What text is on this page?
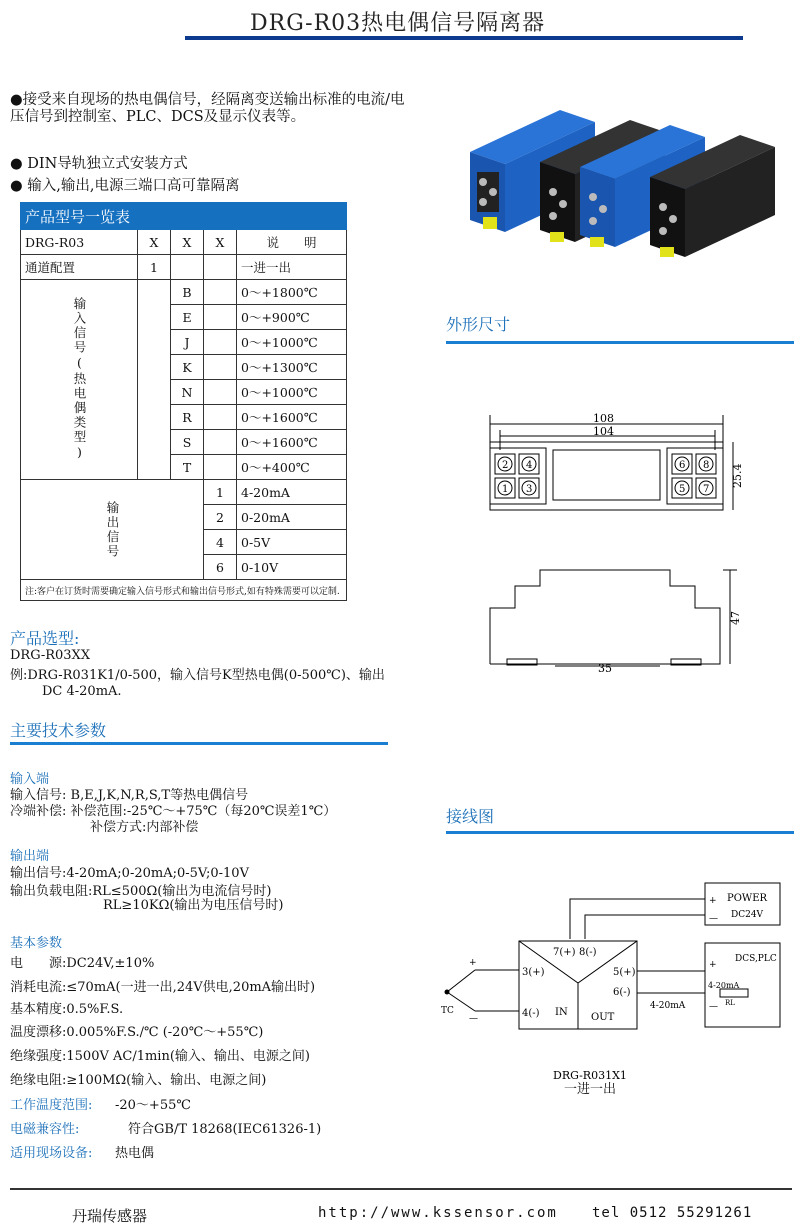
DRG-R03热电偶信号隔离器
●接受来自现场的热电偶信号，经隔离变送输出标准的电流/电压信号到控制室、PLC、DCS及显示仪表等。
● DIN导轨独立式安装方式
● 输入,输出,电源三端口高可靠隔离
产品型号一览表				
DRG-R03	X	X	X	说　　明
通道配置	1			一进一出

输入信号(热电偶类型)		B		0～+1800℃
		E		0～+900℃
		J		0～+1000℃
		K		0～+1300℃
		N		0～+1000℃
		R		0～+1600℃
		S		0～+1600℃
		T		0～+400℃

输出信号			1	4-20mA
			2	0-20mA
			4	0-5V
			6	0-10V
注:客户在订货时需要确定输入信号形式和输出信号形式,如有特殊需要可以定制.				
产品选型:
DRG-R03XX
例:DRG-R031K1/0-500，输入信号K型热电偶(0-500℃)、输出
DC 4-20mA.
主要技术参数
输入端
输入信号: B,E,J,K,N,R,S,T等热电偶信号
冷端补偿: 补偿范围:-25℃～+75℃（每20℃误差1℃）
补偿方式:内部补偿
输出端
输出信号:4-20mA;0-20mA;0-5V;0-10V
输出负载电阻:RL≤500Ω(输出为电流信号时)
RL≥10KΩ(输出为电压信号时)
基本参数
电　　源:DC24V,±10%
消耗电流:≤70mA(一进一出,24V供电,20mA输出时)
基本精度:0.5%F.S.
温度漂移:0.005%F.S./℃ (-20℃～+55℃)
绝缘强度:1500V AC/1min(输入、输出、电源之间)
绝缘电阻:≥100MΩ(输入、输出、电源之间)
工作温度范围: -20～+55℃
电磁兼容性:	符合GB/T 18268(IEC61326-1)
适用现场设备: 热电偶
外形尺寸
108
104
2 4
1 3
6 8
5 7
25.4
47
35
接线图
POWER
DC24V
+
—
7(+) 8(-)
3(+)
4(-) IN OUT
5(+)
6(-)
+
—
TC
DCS,PLC
+
—
4-20mA
RL
4-20mA
DRG-R031X1
一进一出
丹瑞传感器	http://www.kssensor.com tel 0512 55291261
